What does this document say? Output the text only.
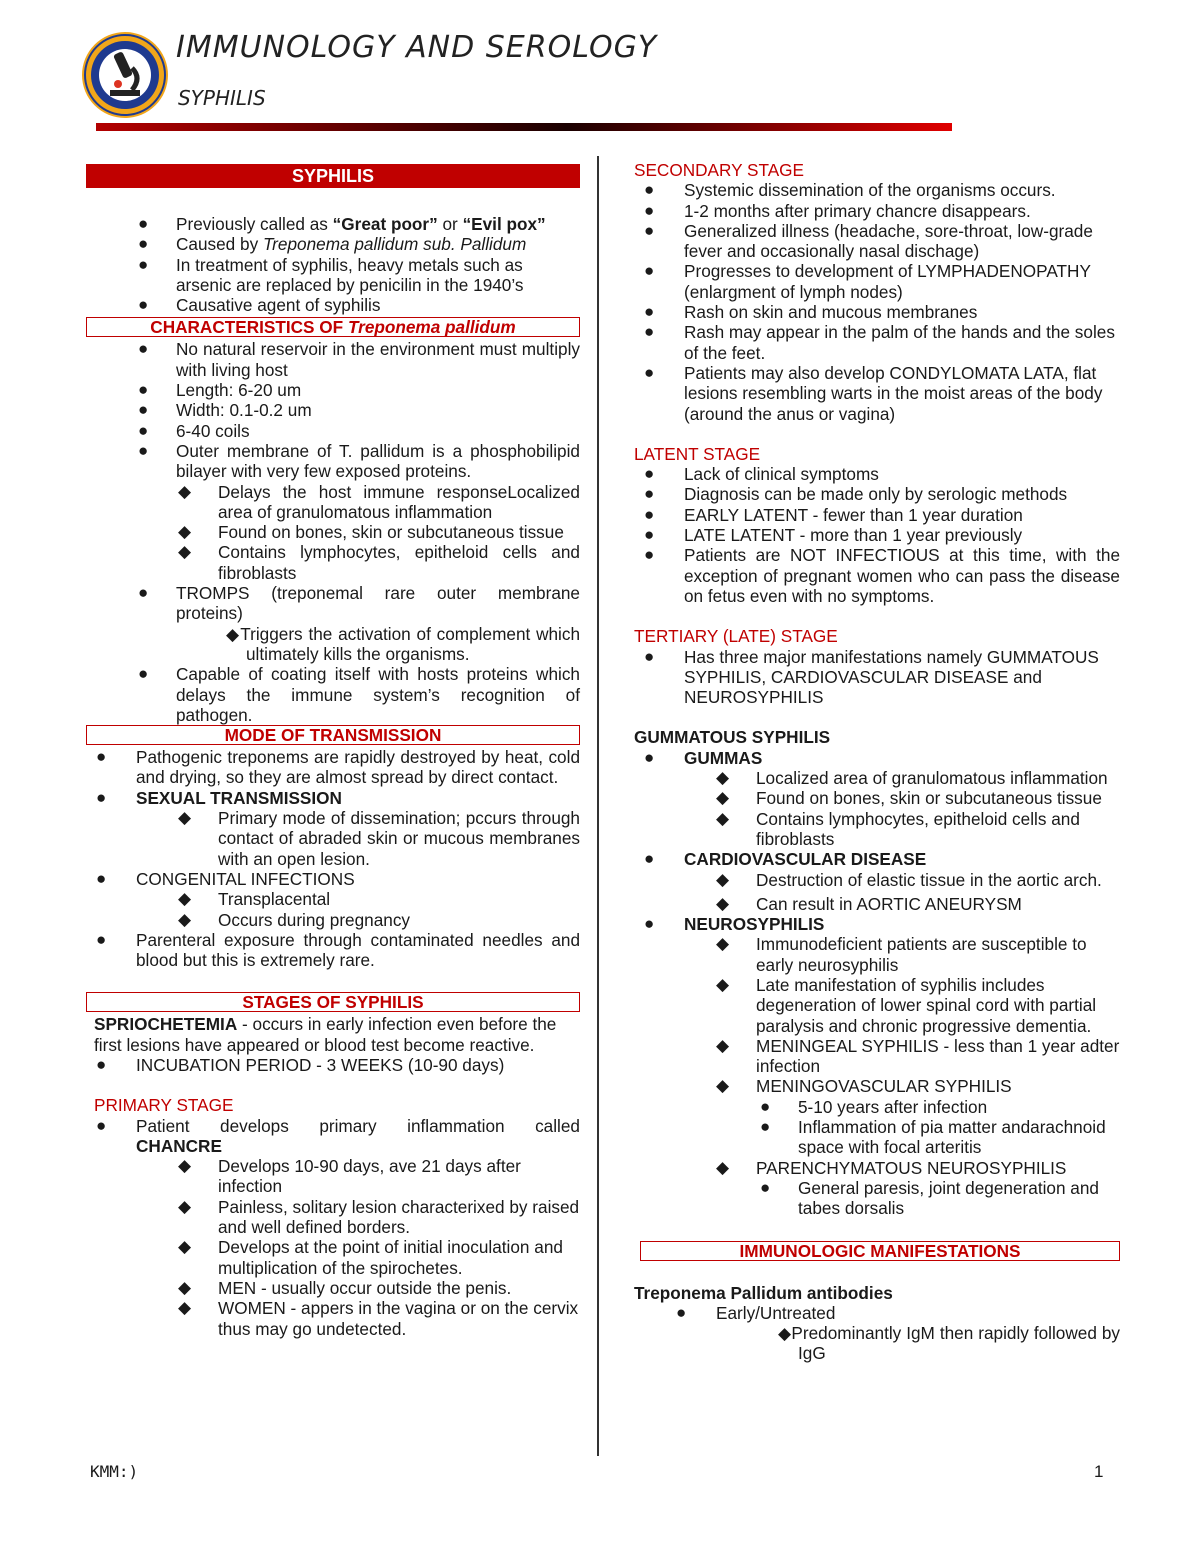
IMMUNOLOGY AND SEROLOGY
SYPHILIS
SYPHILIS
● Previously called as “Great poor” or “Evil pox”
● Caused by Treponema pallidum sub. Pallidum
● In treatment of syphilis, heavy metals such as arsenic are replaced by penicilin in the 1940’s
● Causative agent of syphilis
CHARACTERISTICS OF Treponema pallidum
● No natural reservoir in the environment must multiply with living host
● Length: 6-20 um
● Width: 0.1-0.2 um
● 6-40 coils
● Outer membrane of T. pallidum is a phosphobilipid bilayer with very few exposed proteins.
◆ Delays the host immune responseLocalized area of granulomatous inflammation
◆ Found on bones, skin or subcutaneous tissue
◆ Contains lymphocytes, epitheloid cells and fibroblasts
● TROMPS (treponemal rare outer membrane proteins)
◆Triggers the activation of complement which ultimately kills the organisms.
● Capable of coating itself with hosts proteins which delays the immune system’s recognition of pathogen.
MODE OF TRANSMISSION
● Pathogenic treponems are rapidly destroyed by heat, cold and drying, so they are almost spread by direct contact.
● SEXUAL TRANSMISSION
◆ Primary mode of dissemination; pccurs through contact of abraded skin or mucous membranes with an open lesion.
● CONGENITAL INFECTIONS
◆ Transplacental
◆ Occurs during pregnancy
● Parenteral exposure through contaminated needles and blood but this is extremely rare.
STAGES OF SYPHILIS
SPRIOCHETEMIA - occurs in early infection even before the first lesions have appeared or blood test become reactive.
● INCUBATION PERIOD - 3 WEEKS (10-90 days)
PRIMARY STAGE
● Patient develops primary inflammation called
CHANCRE
◆ Develops 10-90 days, ave 21 days after infection
◆ Painless, solitary lesion characterixed by raised and well defined borders.
◆ Develops at the point of initial inoculation and multiplication of the spirochetes.
◆ MEN - usually occur outside the penis.
◆ WOMEN - appers in the vagina or on the cervix thus may go undetected.
SECONDARY STAGE
● Systemic dissemination of the organisms occurs.
● 1-2 months after primary chancre disappears.
● Generalized illness (headache, sore-throat, low-grade fever and occasionally nasal dischage)
● Progresses to development of LYMPHADENOPATHY (enlargment of lymph nodes)
● Rash on skin and mucous membranes
● Rash may appear in the palm of the hands and the soles of the feet.
● Patients may also develop CONDYLOMATA LATA, flat lesions resembling warts in the moist areas of the body (around the anus or vagina)
LATENT STAGE
● Lack of clinical symptoms
● Diagnosis can be made only by serologic methods
● EARLY LATENT - fewer than 1 year duration
● LATE LATENT - more than 1 year previously
● Patients are NOT INFECTIOUS at this time, with the exception of pregnant women who can pass the disease on fetus even with no symptoms.
TERTIARY (LATE) STAGE
● Has three major manifestations namely GUMMATOUS SYPHILIS, CARDIOVASCULAR DISEASE and NEUROSYPHILIS
GUMMATOUS SYPHILIS
● GUMMAS
◆ Localized area of granulomatous inflammation
◆ Found on bones, skin or subcutaneous tissue
◆ Contains lymphocytes, epitheloid cells and fibroblasts
● CARDIOVASCULAR DISEASE
◆ Destruction of elastic tissue in the aortic arch.
◆ Can result in AORTIC ANEURYSM
● NEUROSYPHILIS
◆ Immunodeficient patients are susceptible to early neurosyphilis
◆ Late manifestation of syphilis includes degeneration of lower spinal cord with partial paralysis and chronic progressive dementia.
◆ MENINGEAL SYPHILIS - less than 1 year adter infection
◆ MENINGOVASCULAR SYPHILIS
● 5-10 years after infection
● Inflammation of pia matter andarachnoid space with focal arteritis
◆ PARENCHYMATOUS NEUROSYPHILIS
● General paresis, joint degeneration and tabes dorsalis
IMMUNOLOGIC MANIFESTATIONS
Treponema Pallidum antibodies
● Early/Untreated
◆Predominantly IgM then rapidly followed by IgG
KMM:)	1
